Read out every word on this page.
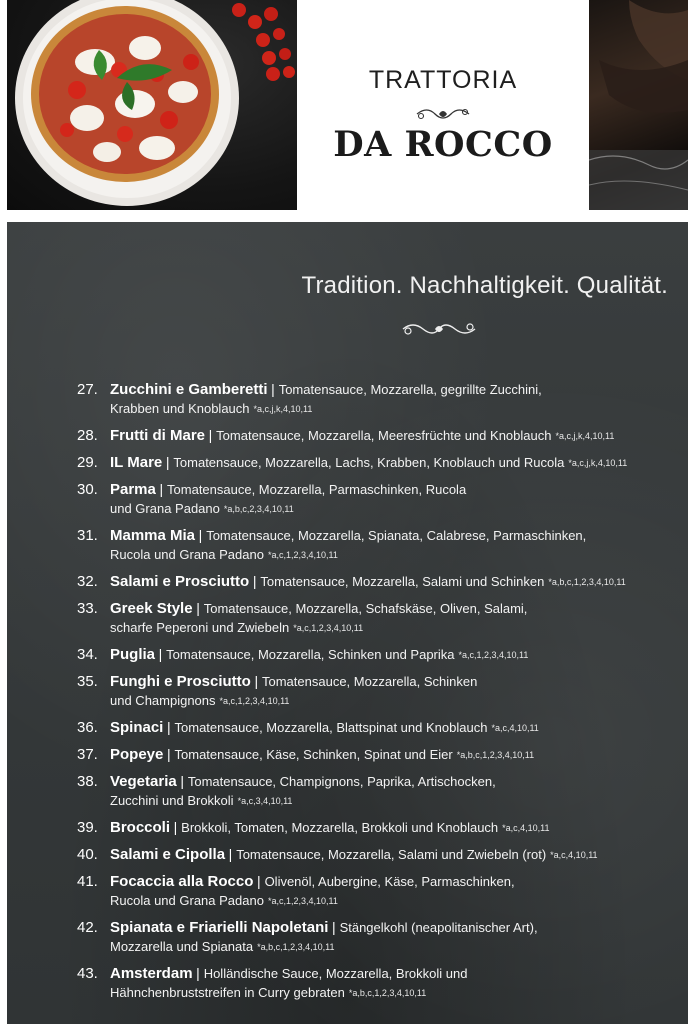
TRATTORIA
DA ROCCO
Tradition. Nachhaltigkeit. Qualität.
27. Zucchini e Gamberetti | Tomatensauce, Mozzarella, gegrillte Zucchini,
Krabben und Knoblauch *a,c,j,k,4,10,11
28. Frutti di Mare | Tomatensauce, Mozzarella, Meeresfrüchte und Knoblauch *a,c,j,k,4,10,11
29. IL Mare | Tomatensauce, Mozzarella, Lachs, Krabben, Knoblauch und Rucola *a,c,j,k,4,10,11
30. Parma | Tomatensauce, Mozzarella, Parmaschinken, Rucola
und Grana Padano *a,b,c,2,3,4,10,11
31. Mamma Mia | Tomatensauce, Mozzarella, Spianata, Calabrese, Parmaschinken,
Rucola und Grana Padano *a,c,1,2,3,4,10,11
32. Salami e Prosciutto | Tomatensauce, Mozzarella, Salami und Schinken *a,b,c,1,2,3,4,10,11
33. Greek Style | Tomatensauce, Mozzarella, Schafskäse, Oliven, Salami,
scharfe Peperoni und Zwiebeln *a,c,1,2,3,4,10,11
34. Puglia | Tomatensauce, Mozzarella, Schinken und Paprika *a,c,1,2,3,4,10,11
35. Funghi e Prosciutto | Tomatensauce, Mozzarella, Schinken
und Champignons *a,c,1,2,3,4,10,11
36. Spinaci | Tomatensauce, Mozzarella, Blattspinat und Knoblauch *a,c,4,10,11
37. Popeye | Tomatensauce, Käse, Schinken, Spinat und Eier *a,b,c,1,2,3,4,10,11
38. Vegetaria | Tomatensauce, Champignons, Paprika, Artischocken,
Zucchini und Brokkoli *a,c,3,4,10,11
39. Broccoli | Brokkoli, Tomaten, Mozzarella, Brokkoli und Knoblauch *a,c,4,10,11
40. Salami e Cipolla | Tomatensauce, Mozzarella, Salami und Zwiebeln (rot) *a,c,4,10,11
41. Focaccia alla Rocco | Olivenöl, Aubergine, Käse, Parmaschinken,
Rucola und Grana Padano *a,c,1,2,3,4,10,11
42. Spianata e Friarielli Napoletani | Stängelkohl (neapolitanischer Art),
Mozzarella und Spianata *a,b,c,1,2,3,4,10,11
43. Amsterdam | Holländische Sauce, Mozzarella, Brokkoli und
Hähnchenbruststreifen in Curry gebraten *a,b,c,1,2,3,4,10,11
